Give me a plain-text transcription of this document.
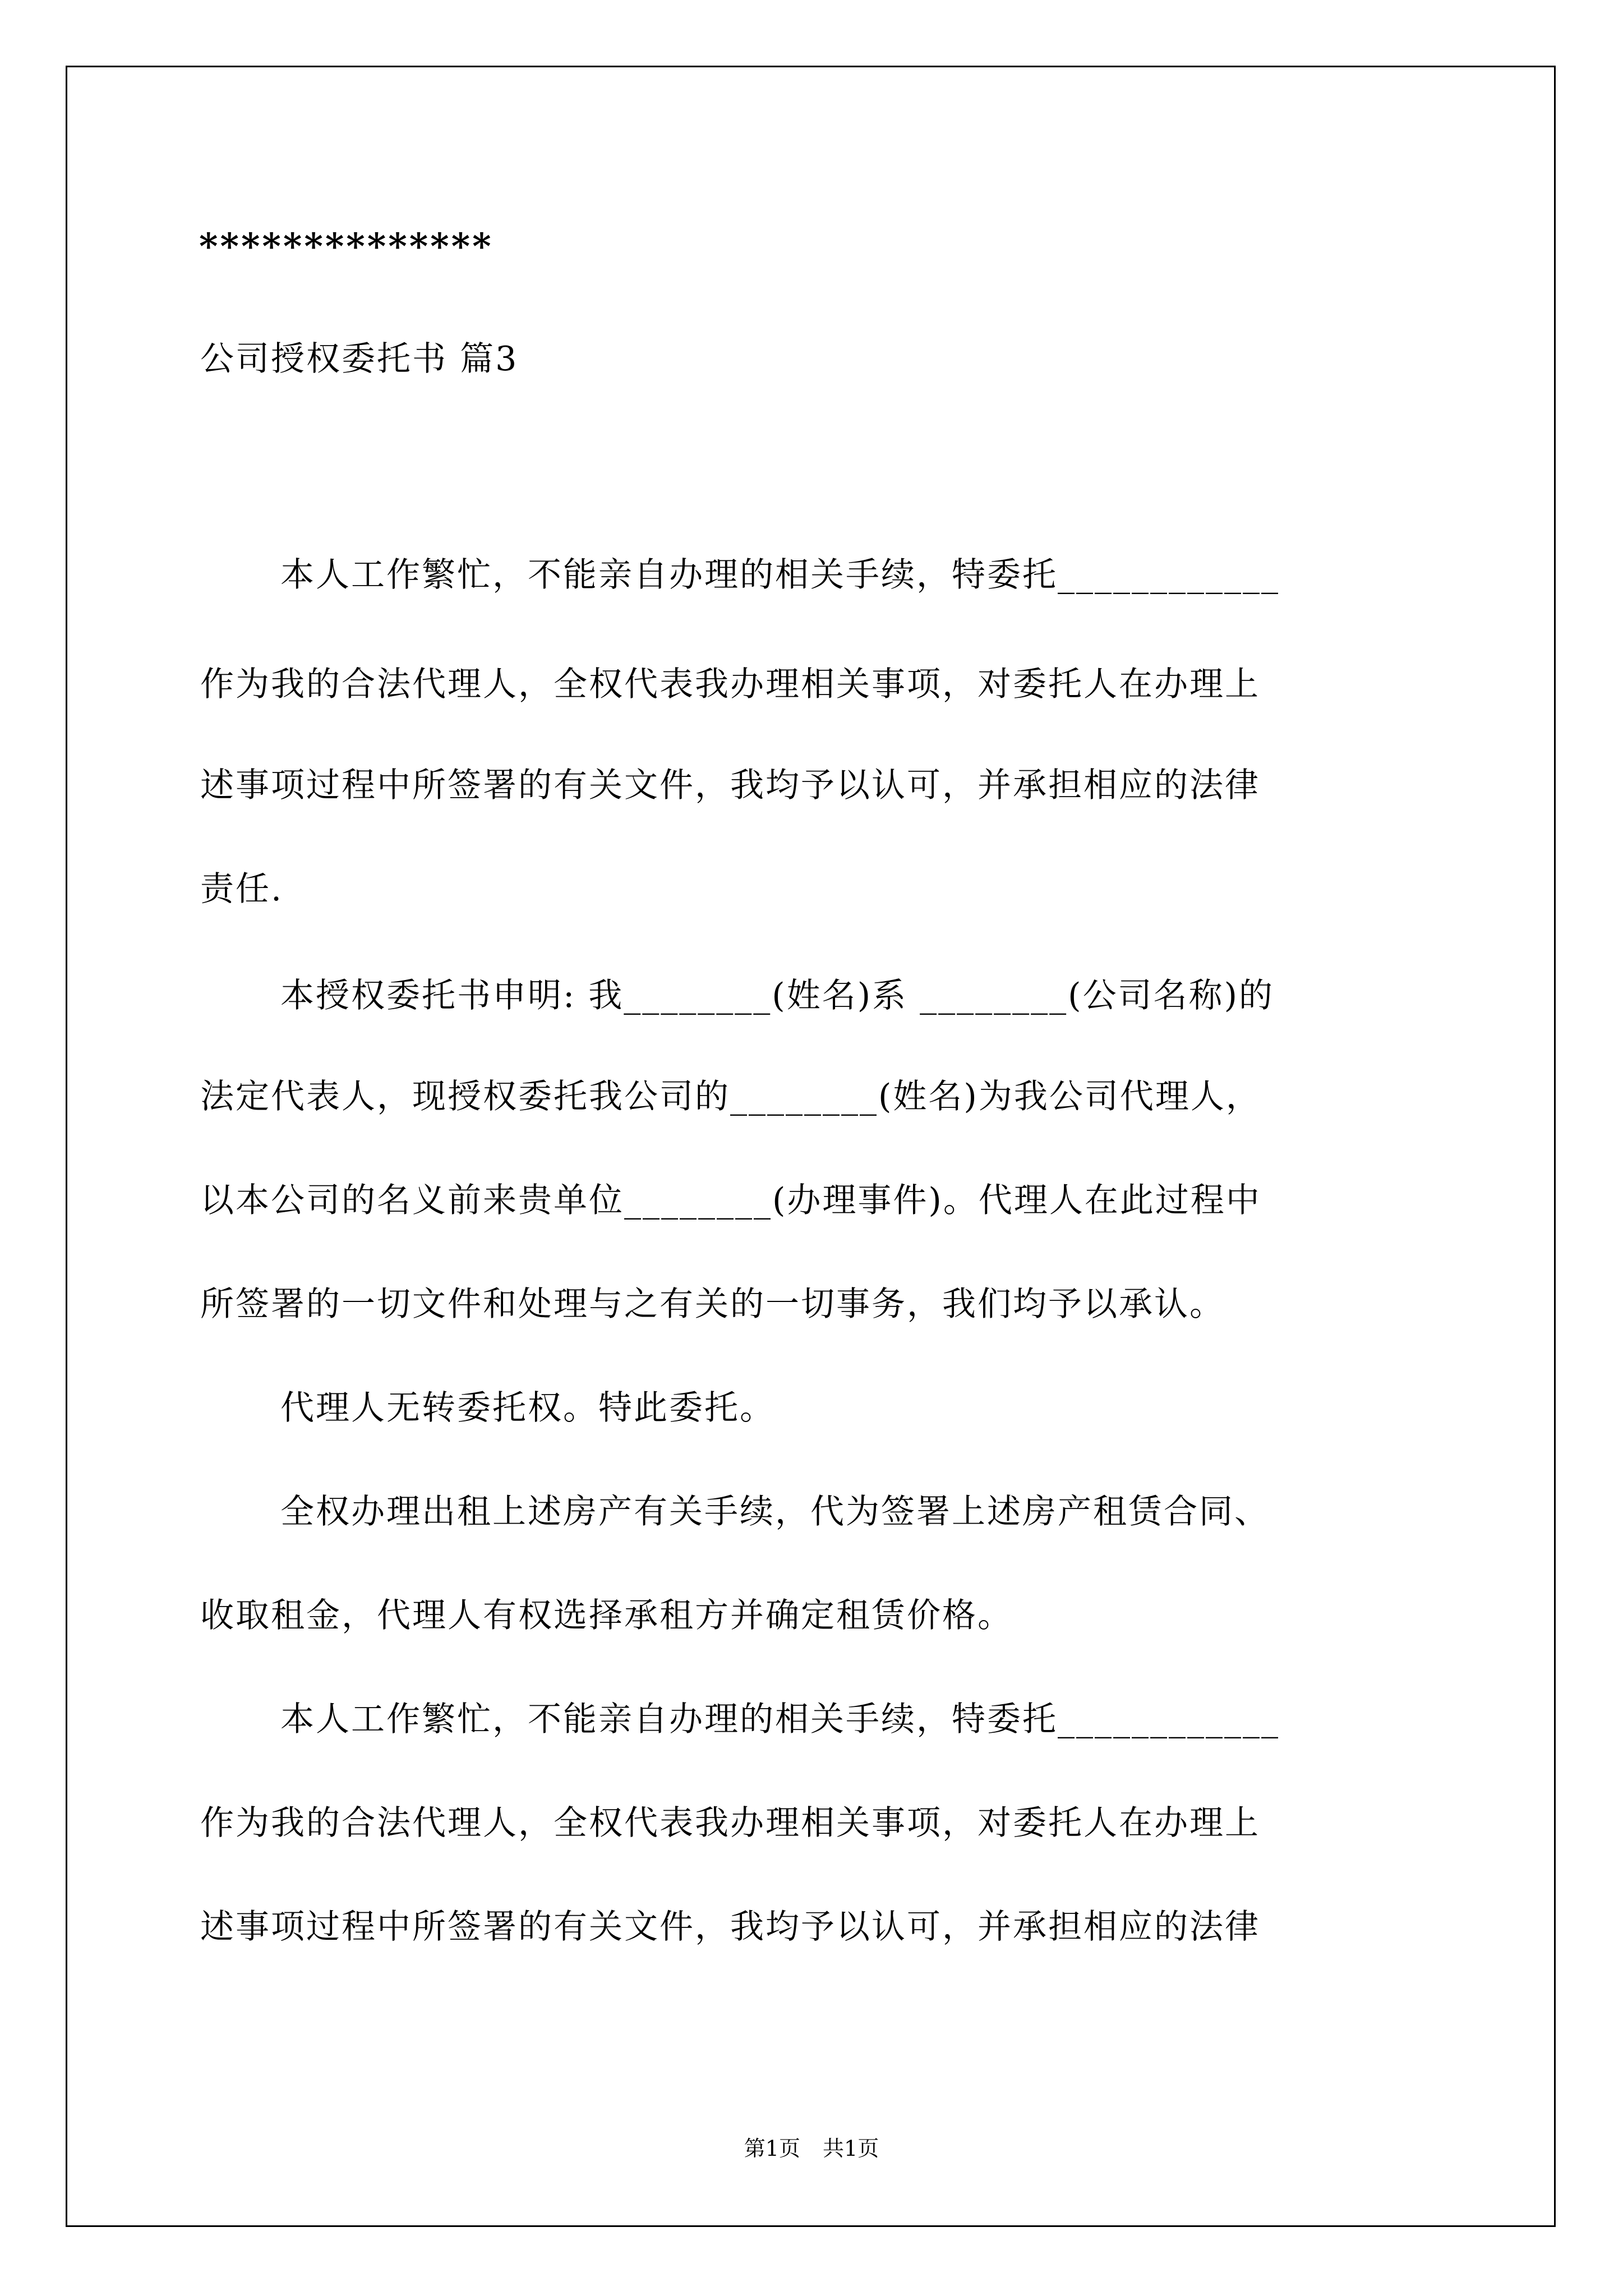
**************
公司授权委托书 篇3
本人工作繁忙，不能亲自办理的相关手续，特委托____________
作为我的合法代理人，全权代表我办理相关事项，对委托人在办理上
述事项过程中所签署的有关文件，我均予以认可，并承担相应的法律
责任.
本授权委托书申明: 我________(姓名)系 ________(公司名称)的
法定代表人，现授权委托我公司的________(姓名)为我公司代理人，
以本公司的名义前来贵单位________(办理事件)。代理人在此过程中
所签署的一切文件和处理与之有关的一切事务，我们均予以承认。
代理人无转委托权。特此委托。
全权办理出租上述房产有关手续，代为签署上述房产租赁合同、
收取租金，代理人有权选择承租方并确定租赁价格。
本人工作繁忙，不能亲自办理的相关手续，特委托____________
作为我的合法代理人，全权代表我办理相关事项，对委托人在办理上
述事项过程中所签署的有关文件，我均予以认可，并承担相应的法律
第1页 共1页
